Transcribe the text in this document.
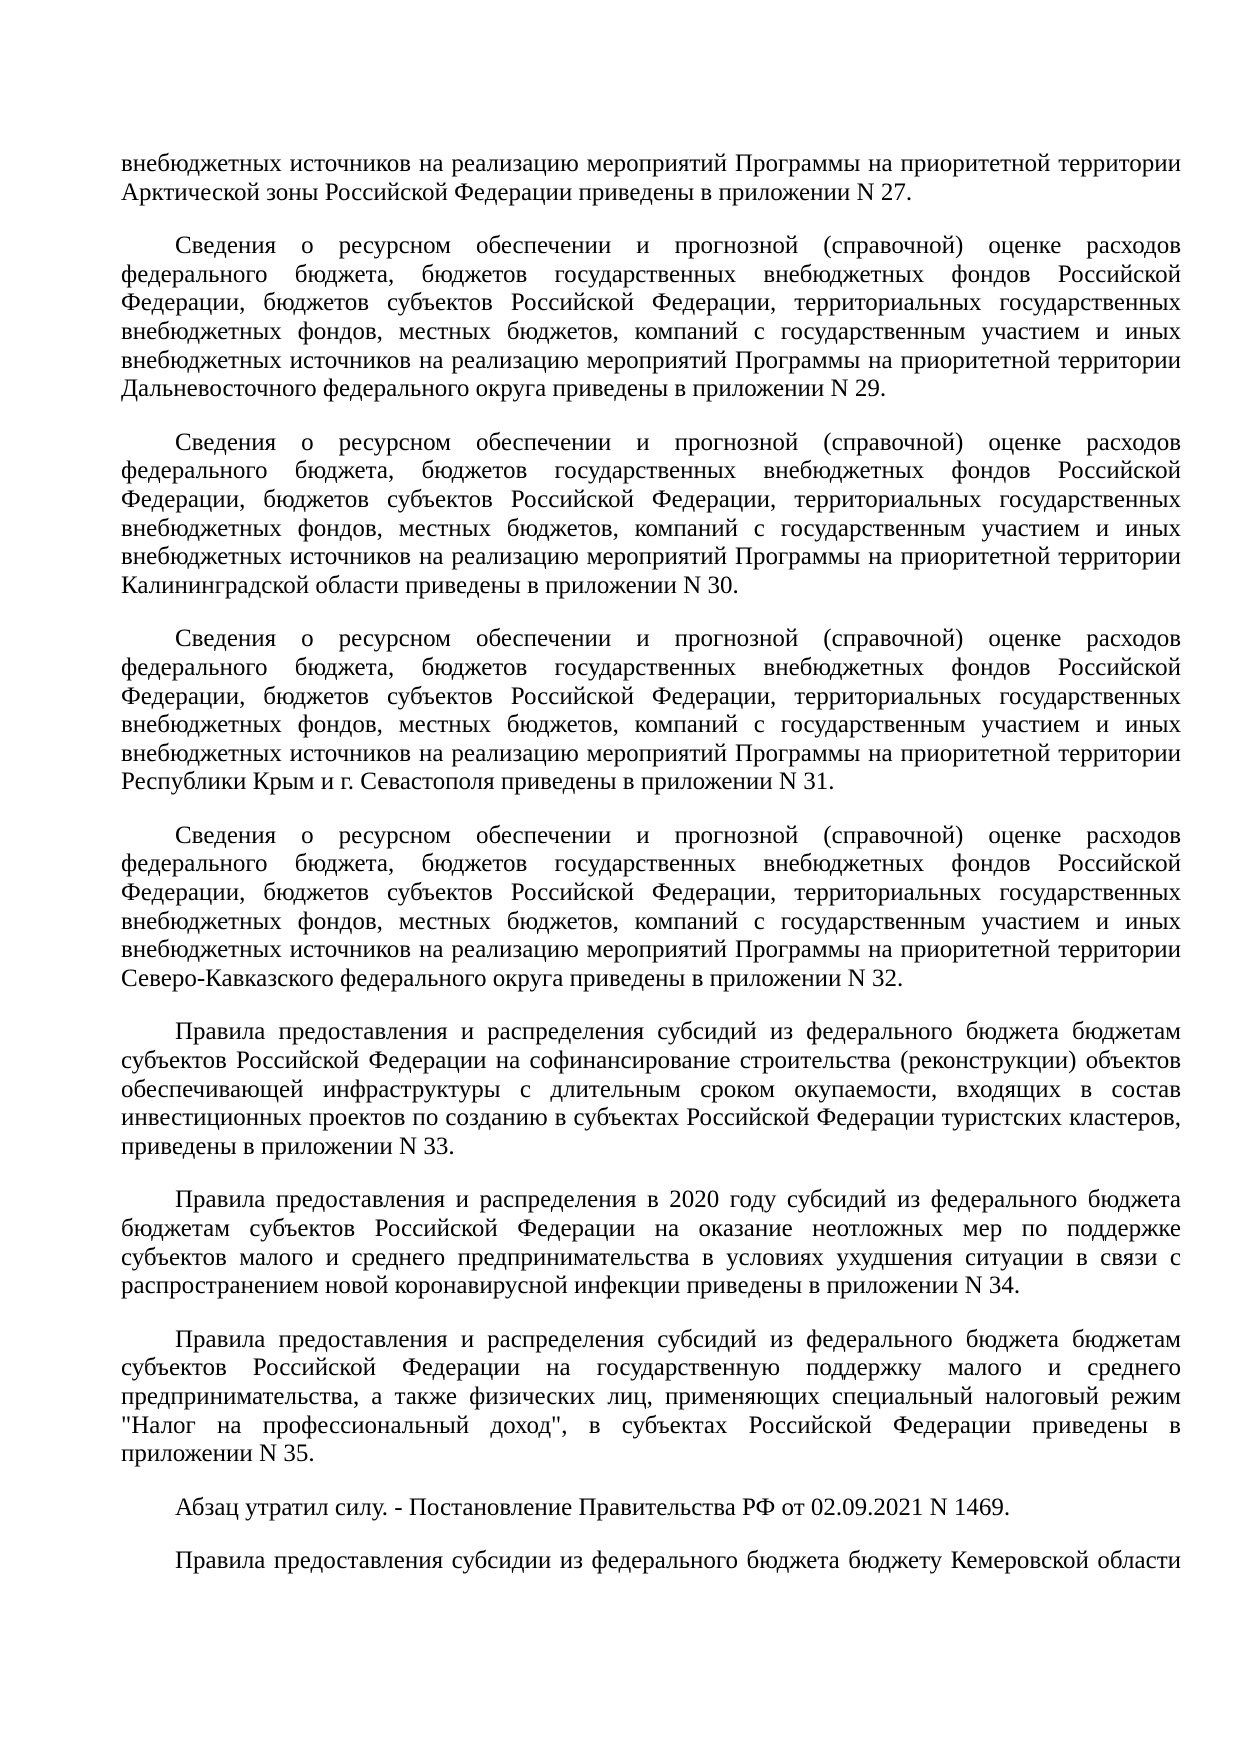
внебюджетных источников на реализацию мероприятий Программы на приоритетной территории
Арктической зоны Российской Федерации приведены в приложении N 27.
Сведения о ресурсном обеспечении и прогнозной (справочной) оценке расходов
федерального бюджета, бюджетов государственных внебюджетных фондов Российской
Федерации, бюджетов субъектов Российской Федерации, территориальных государственных
внебюджетных фондов, местных бюджетов, компаний с государственным участием и иных
внебюджетных источников на реализацию мероприятий Программы на приоритетной территории
Дальневосточного федерального округа приведены в приложении N 29.
Сведения о ресурсном обеспечении и прогнозной (справочной) оценке расходов
федерального бюджета, бюджетов государственных внебюджетных фондов Российской
Федерации, бюджетов субъектов Российской Федерации, территориальных государственных
внебюджетных фондов, местных бюджетов, компаний с государственным участием и иных
внебюджетных источников на реализацию мероприятий Программы на приоритетной территории
Калининградской области приведены в приложении N 30.
Сведения о ресурсном обеспечении и прогнозной (справочной) оценке расходов
федерального бюджета, бюджетов государственных внебюджетных фондов Российской
Федерации, бюджетов субъектов Российской Федерации, территориальных государственных
внебюджетных фондов, местных бюджетов, компаний с государственным участием и иных
внебюджетных источников на реализацию мероприятий Программы на приоритетной территории
Республики Крым и г. Севастополя приведены в приложении N 31.
Сведения о ресурсном обеспечении и прогнозной (справочной) оценке расходов
федерального бюджета, бюджетов государственных внебюджетных фондов Российской
Федерации, бюджетов субъектов Российской Федерации, территориальных государственных
внебюджетных фондов, местных бюджетов, компаний с государственным участием и иных
внебюджетных источников на реализацию мероприятий Программы на приоритетной территории
Северо-Кавказского федерального округа приведены в приложении N 32.
Правила предоставления и распределения субсидий из федерального бюджета бюджетам
субъектов Российской Федерации на софинансирование строительства (реконструкции) объектов
обеспечивающей инфраструктуры с длительным сроком окупаемости, входящих в состав
инвестиционных проектов по созданию в субъектах Российской Федерации туристских кластеров,
приведены в приложении N 33.
Правила предоставления и распределения в 2020 году субсидий из федерального бюджета
бюджетам субъектов Российской Федерации на оказание неотложных мер по поддержке
субъектов малого и среднего предпринимательства в условиях ухудшения ситуации в связи с
распространением новой коронавирусной инфекции приведены в приложении N 34.
Правила предоставления и распределения субсидий из федерального бюджета бюджетам
субъектов Российской Федерации на государственную поддержку малого и среднего
предпринимательства, а также физических лиц, применяющих специальный налоговый режим
"Налог на профессиональный доход", в субъектах Российской Федерации приведены в
приложении N 35.
Абзац утратил силу. - Постановление Правительства РФ от 02.09.2021 N 1469.
Правила предоставления субсидии из федерального бюджета бюджету Кемеровской области
